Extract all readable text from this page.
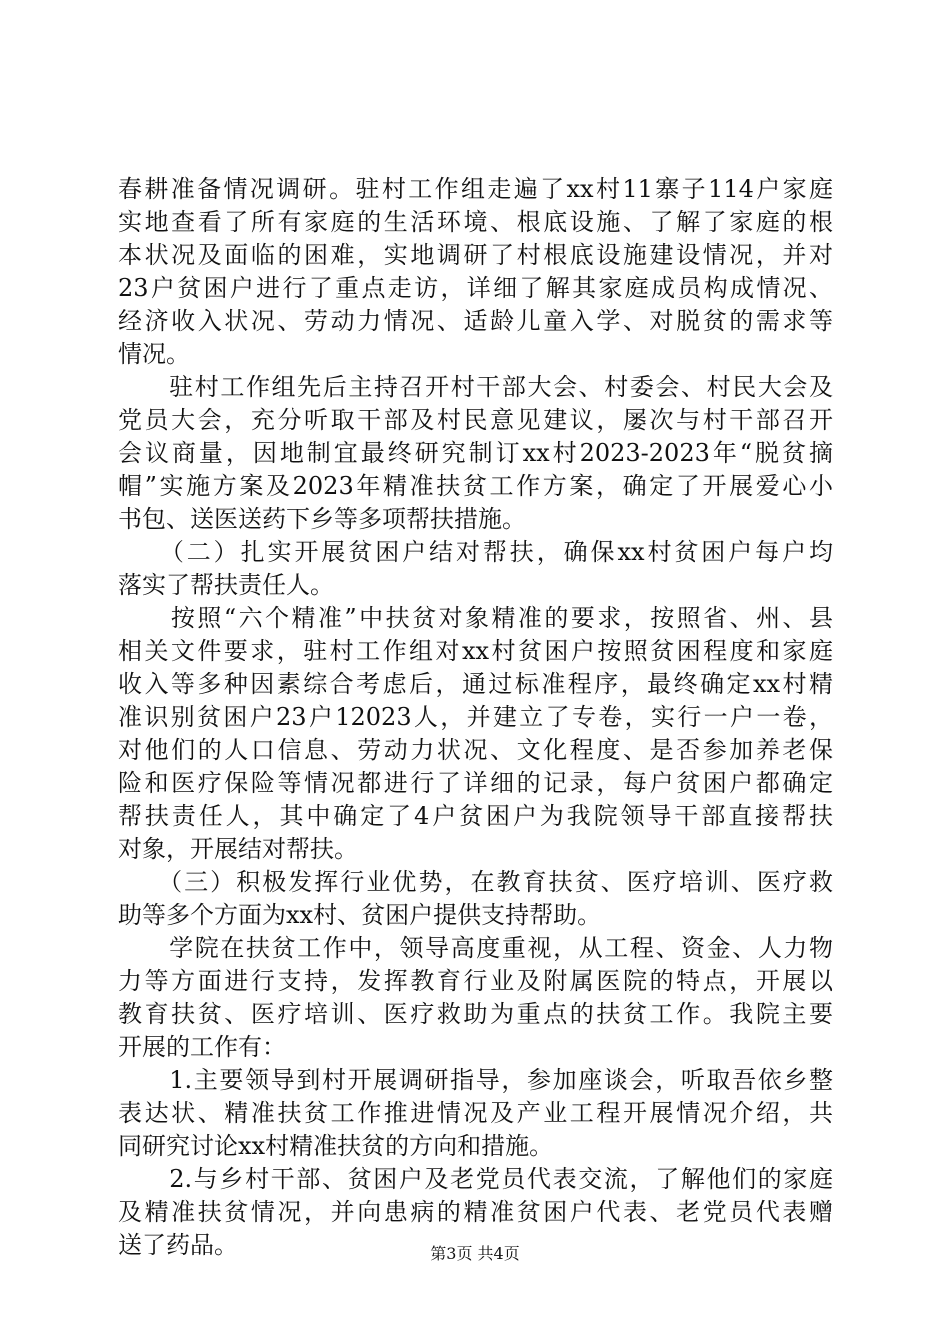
春耕准备情况调研。驻村工作组走遍了xx村11寨子114户家庭
实地查看了所有家庭的生活环境、根底设施、了解了家庭的根
本状况及面临的困难，实地调研了村根底设施建设情况，并对
23户贫困户进行了重点走访，详细了解其家庭成员构成情况、
经济收入状况、劳动力情况、适龄儿童入学、对脱贫的需求等
情况。
　　驻村工作组先后主持召开村干部大会、村委会、村民大会及
党员大会，充分听取干部及村民意见建议，屡次与村干部召开
会议商量，因地制宜最终研究制订xx村2023-2023年“脱贫摘
帽”实施方案及2023年精准扶贫工作方案，确定了开展爱心小
书包、送医送药下乡等多项帮扶措施。
　　（二）扎实开展贫困户结对帮扶，确保xx村贫困户每户均
落实了帮扶责任人。
　　按照“六个精准”中扶贫对象精准的要求，按照省、州、县
相关文件要求，驻村工作组对xx村贫困户按照贫困程度和家庭
收入等多种因素综合考虑后，通过标准程序，最终确定xx村精
准识别贫困户23户12023人，并建立了专卷，实行一户一卷，
对他们的人口信息、劳动力状况、文化程度、是否参加养老保
险和医疗保险等情况都进行了详细的记录，每户贫困户都确定
帮扶责任人，其中确定了4户贫困户为我院领导干部直接帮扶
对象，开展结对帮扶。
　　（三）积极发挥行业优势，在教育扶贫、医疗培训、医疗救
助等多个方面为xx村、贫困户提供支持帮助。
　　学院在扶贫工作中，领导高度重视，从工程、资金、人力物
力等方面进行支持，发挥教育行业及附属医院的特点，开展以
教育扶贫、医疗培训、医疗救助为重点的扶贫工作。我院主要
开展的工作有：
　　1.主要领导到村开展调研指导，参加座谈会，听取吾依乡整
表达状、精准扶贫工作推进情况及产业工程开展情况介绍，共
同研究讨论xx村精准扶贫的方向和措施。
　　2.与乡村干部、贫困户及老党员代表交流，了解他们的家庭
及精准扶贫情况，并向患病的精准贫困户代表、老党员代表赠
送了药品。	第3页 共4页
